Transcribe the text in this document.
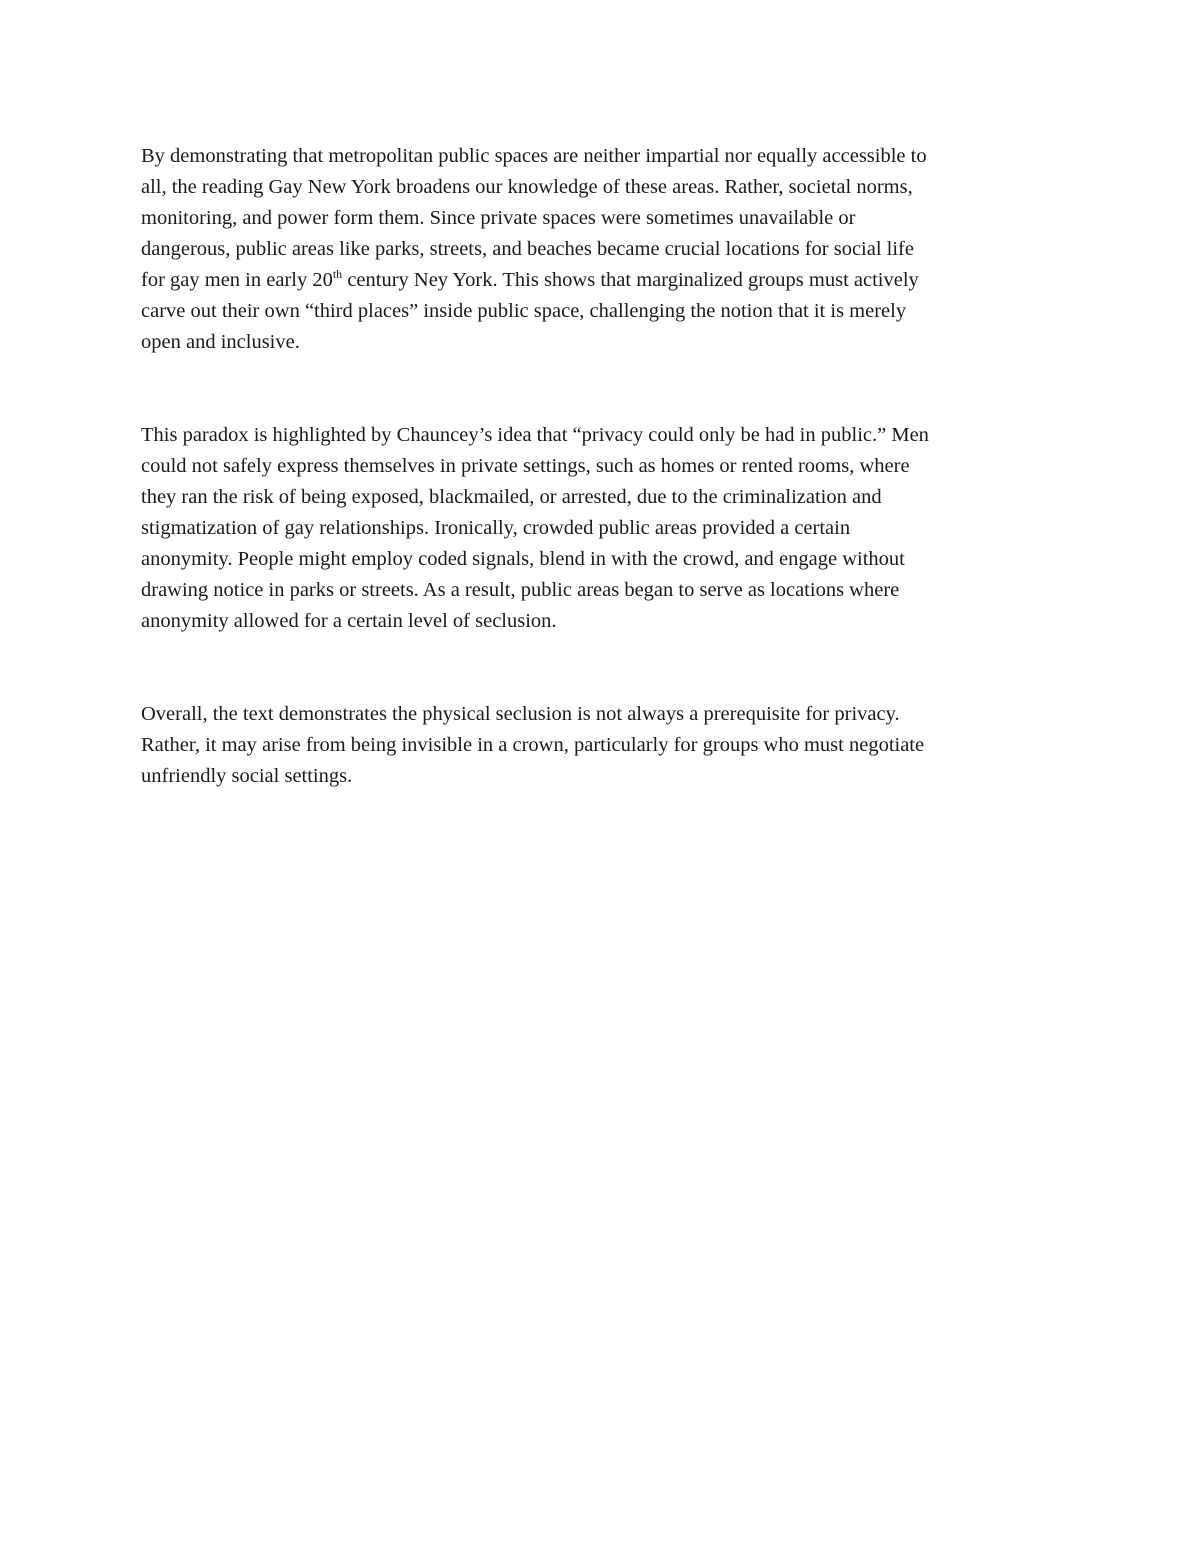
By demonstrating that metropolitan public spaces are neither impartial nor equally accessible to
all, the reading Gay New York broadens our knowledge of these areas. Rather, societal norms,
monitoring, and power form them. Since private spaces were sometimes unavailable or
dangerous, public areas like parks, streets, and beaches became crucial locations for social life
for gay men in early 20th century Ney York. This shows that marginalized groups must actively
carve out their own “third places” inside public space, challenging the notion that it is merely
open and inclusive.

This paradox is highlighted by Chauncey’s idea that “privacy could only be had in public.” Men
could not safely express themselves in private settings, such as homes or rented rooms, where
they ran the risk of being exposed, blackmailed, or arrested, due to the criminalization and
stigmatization of gay relationships. Ironically, crowded public areas provided a certain
anonymity. People might employ coded signals, blend in with the crowd, and engage without
drawing notice in parks or streets. As a result, public areas began to serve as locations where
anonymity allowed for a certain level of seclusion.

Overall, the text demonstrates the physical seclusion is not always a prerequisite for privacy.
Rather, it may arise from being invisible in a crown, particularly for groups who must negotiate
unfriendly social settings.
